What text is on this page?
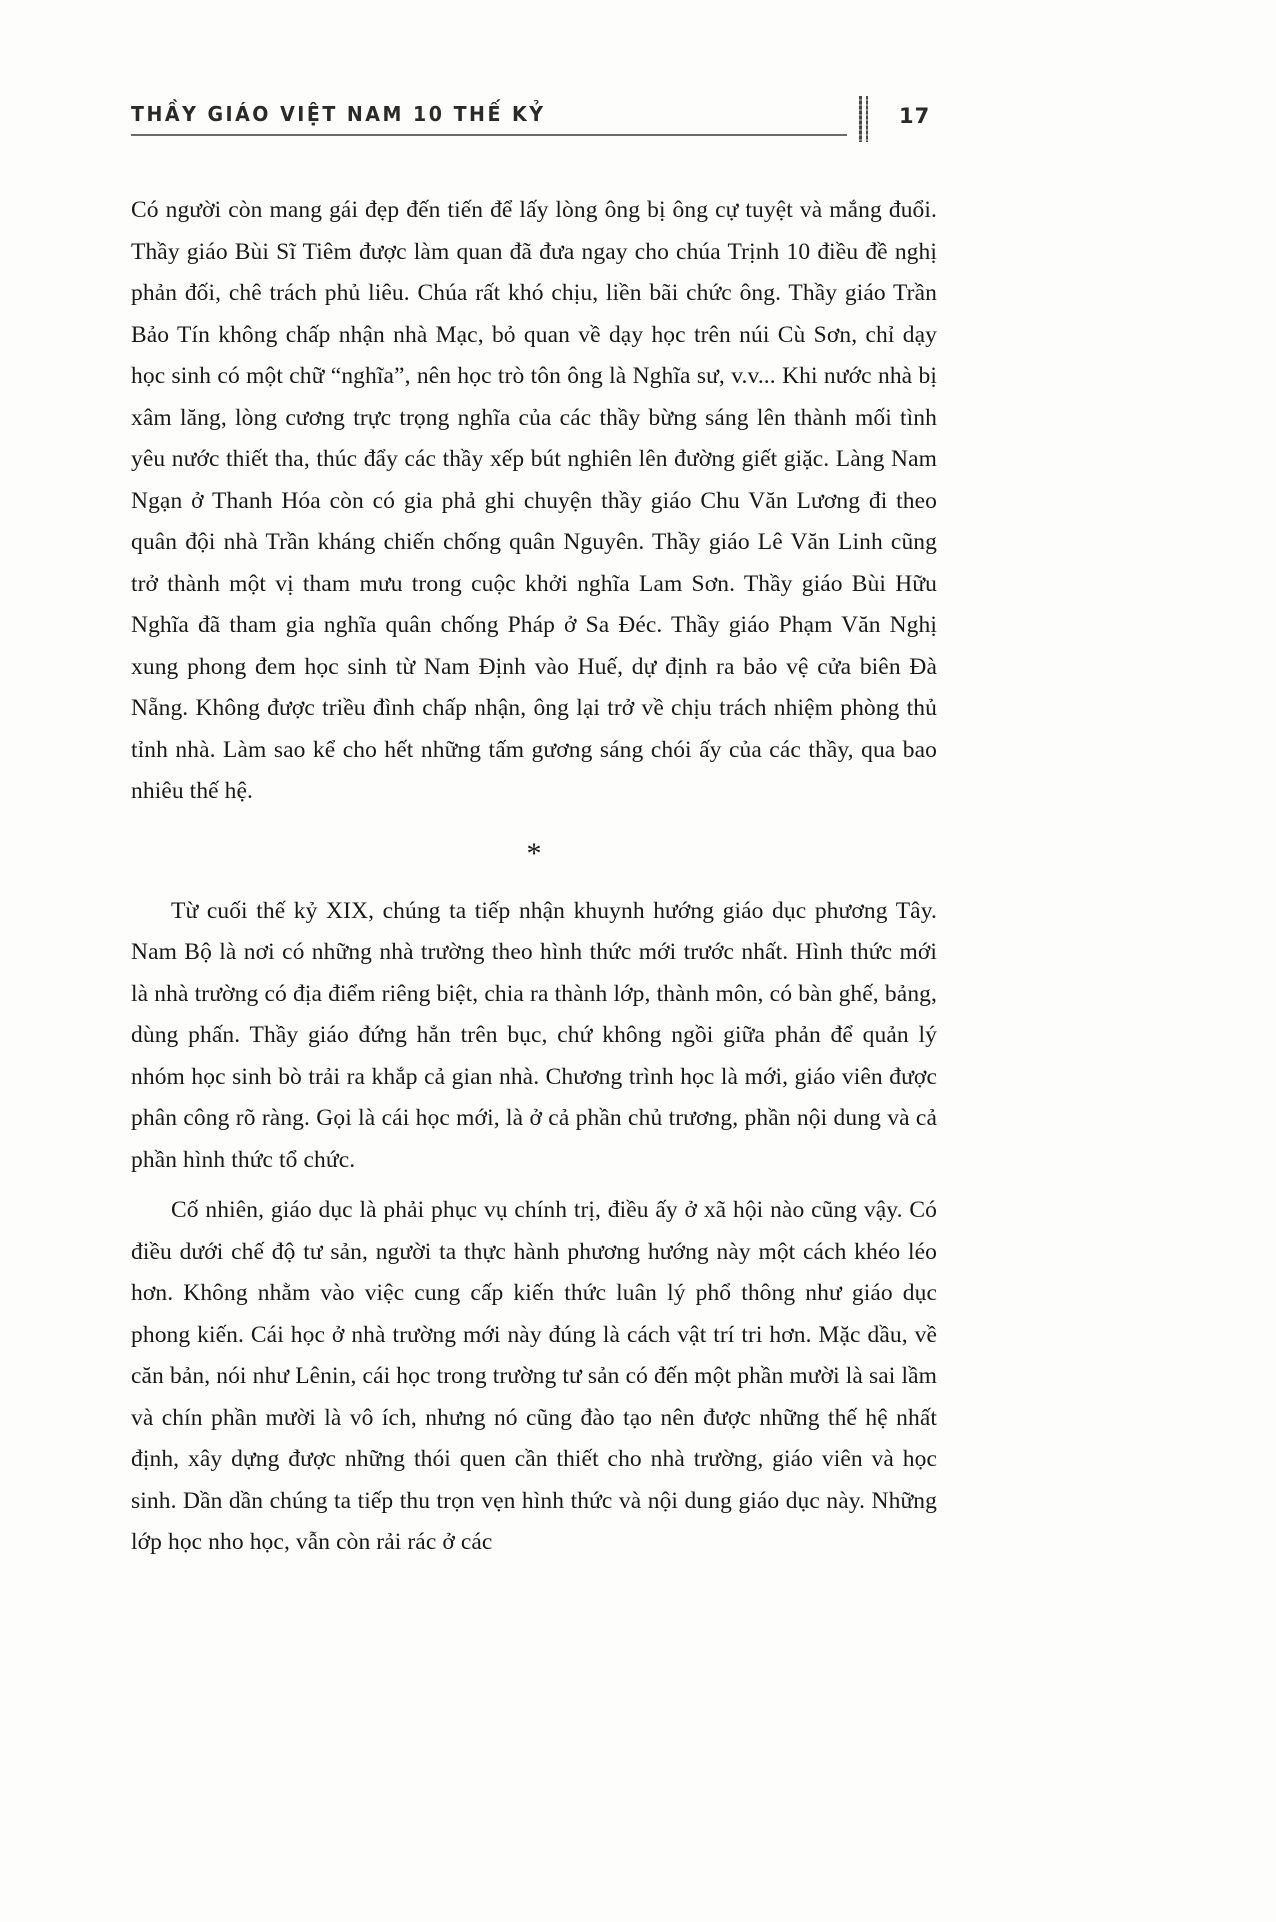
THẦY GIÁO VIỆT NAM 10 THẾ KỶ	17

Có người còn mang gái đẹp đến tiến để lấy lòng ông bị ông cự tuyệt và mắng đuổi. Thầy giáo Bùi Sĩ Tiêm được làm quan đã đưa ngay cho chúa Trịnh 10 điều đề nghị phản đối, chê trách phủ liêu. Chúa rất khó chịu, liền bãi chức ông. Thầy giáo Trần Bảo Tín không chấp nhận nhà Mạc, bỏ quan về dạy học trên núi Cù Sơn, chỉ dạy học sinh có một chữ “nghĩa”, nên học trò tôn ông là Nghĩa sư, v.v... Khi nước nhà bị xâm lăng, lòng cương trực trọng nghĩa của các thầy bừng sáng lên thành mối tình yêu nước thiết tha, thúc đẩy các thầy xếp bút nghiên lên đường giết giặc. Làng Nam Ngạn ở Thanh Hóa còn có gia phả ghi chuyện thầy giáo Chu Văn Lương đi theo quân đội nhà Trần kháng chiến chống quân Nguyên. Thầy giáo Lê Văn Linh cũng trở thành một vị tham mưu trong cuộc khởi nghĩa Lam Sơn. Thầy giáo Bùi Hữu Nghĩa đã tham gia nghĩa quân chống Pháp ở Sa Đéc. Thầy giáo Phạm Văn Nghị xung phong đem học sinh từ Nam Định vào Huế, dự định ra bảo vệ cửa biên Đà Nẵng. Không được triều đình chấp nhận, ông lại trở về chịu trách nhiệm phòng thủ tỉnh nhà. Làm sao kể cho hết những tấm gương sáng chói ấy của các thầy, qua bao nhiêu thế hệ.

*

Từ cuối thế kỷ XIX, chúng ta tiếp nhận khuynh hướng giáo dục phương Tây. Nam Bộ là nơi có những nhà trường theo hình thức mới trước nhất. Hình thức mới là nhà trường có địa điểm riêng biệt, chia ra thành lớp, thành môn, có bàn ghế, bảng, dùng phấn. Thầy giáo đứng hẳn trên bục, chứ không ngồi giữa phản để quản lý nhóm học sinh bò trải ra khắp cả gian nhà. Chương trình học là mới, giáo viên được phân công rõ ràng. Gọi là cái học mới, là ở cả phần chủ trương, phần nội dung và cả phần hình thức tổ chức.

Cố nhiên, giáo dục là phải phục vụ chính trị, điều ấy ở xã hội nào cũng vậy. Có điều dưới chế độ tư sản, người ta thực hành phương hướng này một cách khéo léo hơn. Không nhằm vào việc cung cấp kiến thức luân lý phổ thông như giáo dục phong kiến. Cái học ở nhà trường mới này đúng là cách vật trí tri hơn. Mặc dầu, về căn bản, nói như Lênin, cái học trong trường tư sản có đến một phần mười là sai lầm và chín phần mười là vô ích, nhưng nó cũng đào tạo nên được những thế hệ nhất định, xây dựng được những thói quen cần thiết cho nhà trường, giáo viên và học sinh. Dần dần chúng ta tiếp thu trọn vẹn hình thức và nội dung giáo dục này. Những lớp học nho học, vẫn còn rải rác ở các
